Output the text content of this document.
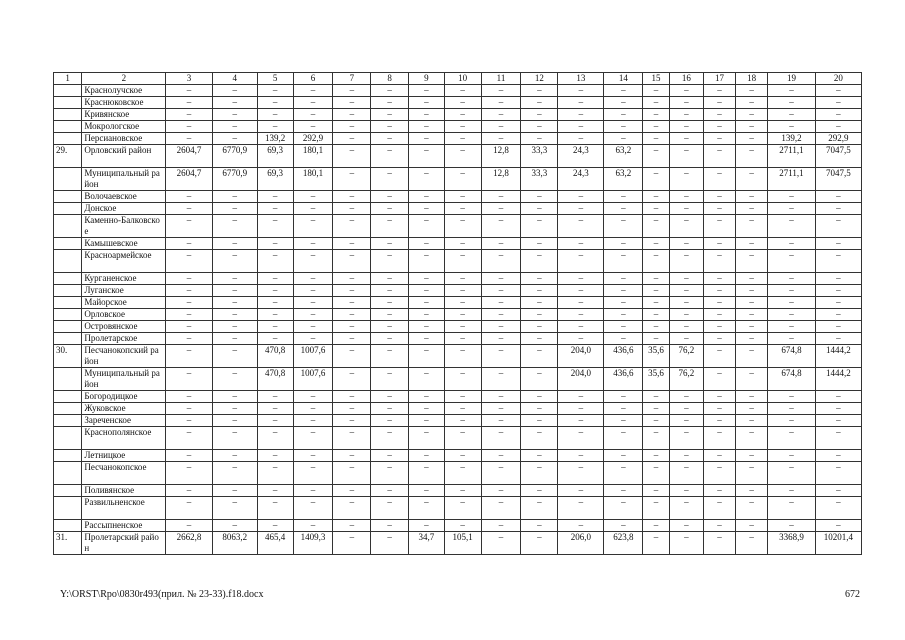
1	2	3	4	5	6	7	8	9	10	11	12	13	14	15	16	17	18	19	20
	Краснолучское	–	–	–	–	–	–	–	–	–	–	–	–	–	–	–	–	–	–
	Краснюковское	–	–	–	–	–	–	–	–	–	–	–	–	–	–	–	–	–	–
	Кривянское	–	–	–	–	–	–	–	–	–	–	–	–	–	–	–	–	–	–
	Мокрологское	–	–	–	–	–	–	–	–	–	–	–	–	–	–	–	–	–	–
	Персиановское	–	–	139,2	292,9	–	–	–	–	–	–	–	–	–	–	–	–	139,2	292,9
29.	Орловский район	2604,7	6770,9	69,3	180,1	–	–	–	–	12,8	33,3	24,3	63,2	–	–	–	–	2711,1	7047,5
	Муниципальный район	2604,7	6770,9	69,3	180,1	–	–	–	–	12,8	33,3	24,3	63,2	–	–	–	–	2711,1	7047,5
	Волочаевское	–	–	–	–	–	–	–	–	–	–	–	–	–	–	–	–	–	–
	Донское	–	–	–	–	–	–	–	–	–	–	–	–	–	–	–	–	–	–
	Каменно-Балковское	–	–	–	–	–	–	–	–	–	–	–	–	–	–	–	–	–	–
	Камышевское	–	–	–	–	–	–	–	–	–	–	–	–	–	–	–	–	–	–
	Красноармейское	–	–	–	–	–	–	–	–	–	–	–	–	–	–	–	–	–	–
	Курганенское	–	–	–	–	–	–	–	–	–	–	–	–	–	–	–	–	–	–
	Луганское	–	–	–	–	–	–	–	–	–	–	–	–	–	–	–	–	–	–
	Майорское	–	–	–	–	–	–	–	–	–	–	–	–	–	–	–	–	–	–
	Орловское	–	–	–	–	–	–	–	–	–	–	–	–	–	–	–	–	–	–
	Островянское	–	–	–	–	–	–	–	–	–	–	–	–	–	–	–	–	–	–
	Пролетарское	–	–	–	–	–	–	–	–	–	–	–	–	–	–	–	–	–	–
30.	Песчанокопский район	–	–	470,8	1007,6	–	–	–	–	–	–	204,0	436,6	35,6	76,2	–	–	674,8	1444,2
	Муниципальный район	–	–	470,8	1007,6	–	–	–	–	–	–	204,0	436,6	35,6	76,2	–	–	674,8	1444,2
	Богородицкое	–	–	–	–	–	–	–	–	–	–	–	–	–	–	–	–	–	–
	Жуковское	–	–	–	–	–	–	–	–	–	–	–	–	–	–	–	–	–	–
	Зареченское	–	–	–	–	–	–	–	–	–	–	–	–	–	–	–	–	–	–
	Краснополянское	–	–	–	–	–	–	–	–	–	–	–	–	–	–	–	–	–	–
	Летницкое	–	–	–	–	–	–	–	–	–	–	–	–	–	–	–	–	–	–
	Песчанокопское	–	–	–	–	–	–	–	–	–	–	–	–	–	–	–	–	–	–
	Поливянское	–	–	–	–	–	–	–	–	–	–	–	–	–	–	–	–	–	–
	Развильненское	–	–	–	–	–	–	–	–	–	–	–	–	–	–	–	–	–	–
	Рассыпненское	–	–	–	–	–	–	–	–	–	–	–	–	–	–	–	–	–	–
31.	Пролетарский район	2662,8	8063,2	465,4	1409,3	–	–	34,7	105,1	–	–	206,0	623,8	–	–	–	–	3368,9	10201,4
Y:\ORST\Rpo\0830r493(прил. № 23-33).f18.docx	672
